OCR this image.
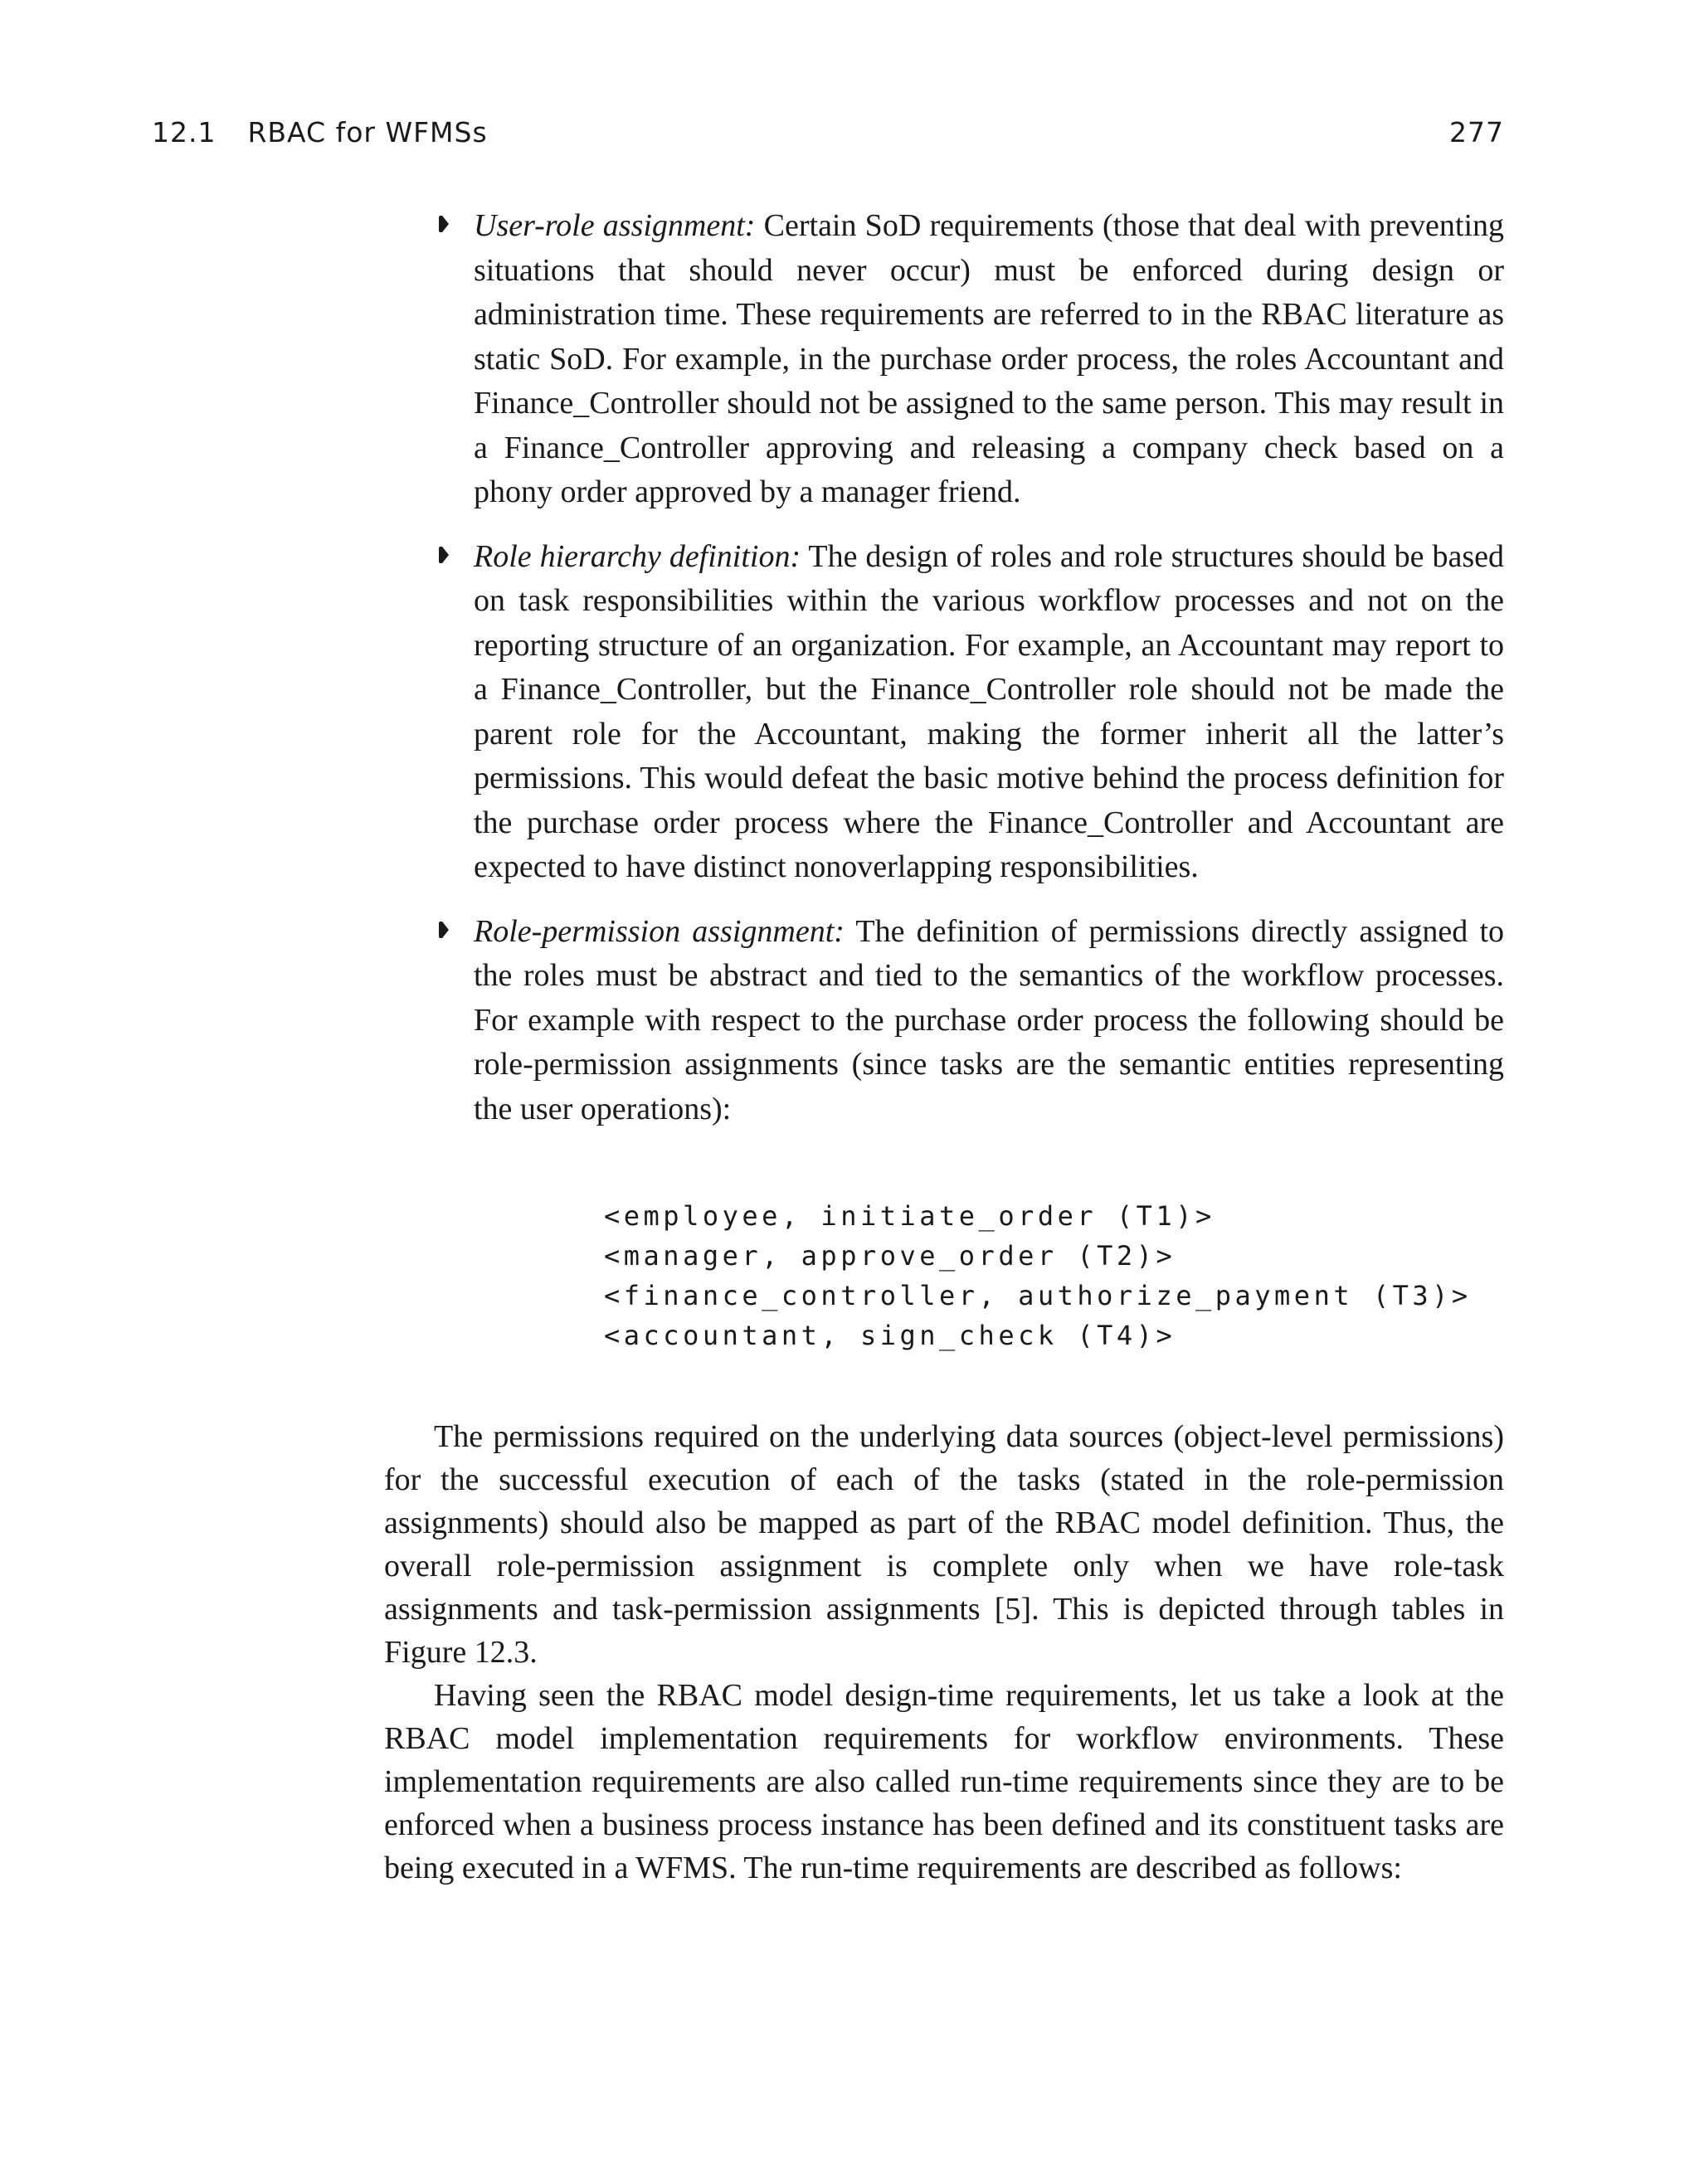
12.1 RBAC for WFMSs	277
User-role assignment: Certain SoD requirements (those that deal with preventing situations that should never occur) must be enforced during design or administration time. These requirements are referred to in the RBAC literature as static SoD. For example, in the purchase order process, the roles Accountant and Finance_Controller should not be assigned to the same person. This may result in a Finance_Controller approving and releasing a company check based on a phony order approved by a manager friend.
Role hierarchy definition: The design of roles and role structures should be based on task responsibilities within the various workflow processes and not on the reporting structure of an organization. For example, an Accountant may report to a Finance_Controller, but the Finance_Controller role should not be made the parent role for the Accountant, making the former inherit all the latter’s permissions. This would defeat the basic motive behind the process definition for the purchase order process where the Finance_Controller and Accountant are expected to have distinct nonoverlapping responsibilities.
Role-permission assignment: The definition of permissions directly assigned to the roles must be abstract and tied to the semantics of the workflow processes. For example with respect to the purchase order process the following should be role-permission assignments (since tasks are the semantic entities representing the user operations):
<employee, initiate_order (T1)>
<manager, approve_order (T2)>
<finance_controller, authorize_payment (T3)>
<accountant, sign_check (T4)>

The permissions required on the underlying data sources (object-level permissions) for the successful execution of each of the tasks (stated in the role-permission assignments) should also be mapped as part of the RBAC model definition. Thus, the overall role-permission assignment is complete only when we have role-task assignments and task-permission assignments [5]. This is depicted through tables in Figure 12.3.

Having seen the RBAC model design-time requirements, let us take a look at the RBAC model implementation requirements for workflow environments. These implementation requirements are also called run-time requirements since they are to be enforced when a business process instance has been defined and its constituent tasks are being executed in a WFMS. The run-time requirements are described as follows:
